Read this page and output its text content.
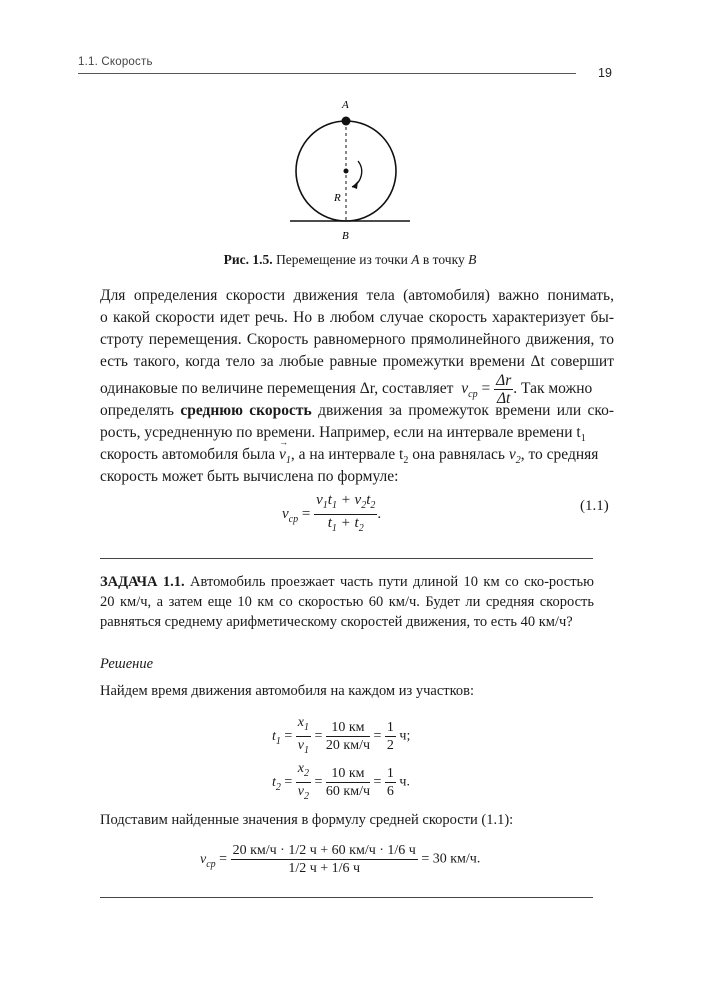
1.1. Скорость
19
A
R
B
Рис. 1.5. Перемещение из точки A в точку B
Для определения скорости движения тела (автомобиля) важно понимать,
о какой скорости идет речь. Но в любом случае скорость характеризует бы-
строту перемещения. Скорость равномерного прямолинейного движения, то
есть такого, когда тело за любые равные промежутки времени Δt совершит
одинаковые по величине перемещения Δr, составляет $v_{ср} = \frac{\Delta r}{\Delta t}$ . Так можно
определять среднюю скорость движения за промежуток времени или ско-
рость, усредненную по времени. Например, если на интервале времени $t_1$
скорость автомобиля была → $v_1$, а на интервале $t_2$ она равнялась $v_2$, то средняя
скорость может быть вычислена по формуле:
$v_{ср} = \frac{v_1t_1 + v_2t_2}{t_1 + t_2}$ .	(1.1)
ЗАДАЧА 1.1. Автомобиль проезжает часть пути длиной 10 км со ско-ростью 20 км/ч, а затем еще 10 км со скоростью 60 км/ч. Будет ли средняя скорость равняться среднему арифметическому скоростей движения, то есть 40 км/ч?
Решение
Найдем время движения автомобиля на каждом из участков:
$t_1 = \frac{x_1}{v_1} = \frac{10 км}{20 км/ч} = \frac{1}{2} ч$;
$t_2 = \frac{x_2}{v_2} = \frac{10 км}{60 км/ч} = \frac{1}{6} ч$.
Подставим найденные значения в формулу средней скорости (1.1):
$v_{ср} = \frac{20 км/ч \cdot 1/2 ч + 60 км/ч \cdot 1/6 ч}{1/2 ч + 1/6 ч} = 30$ км/ч.
